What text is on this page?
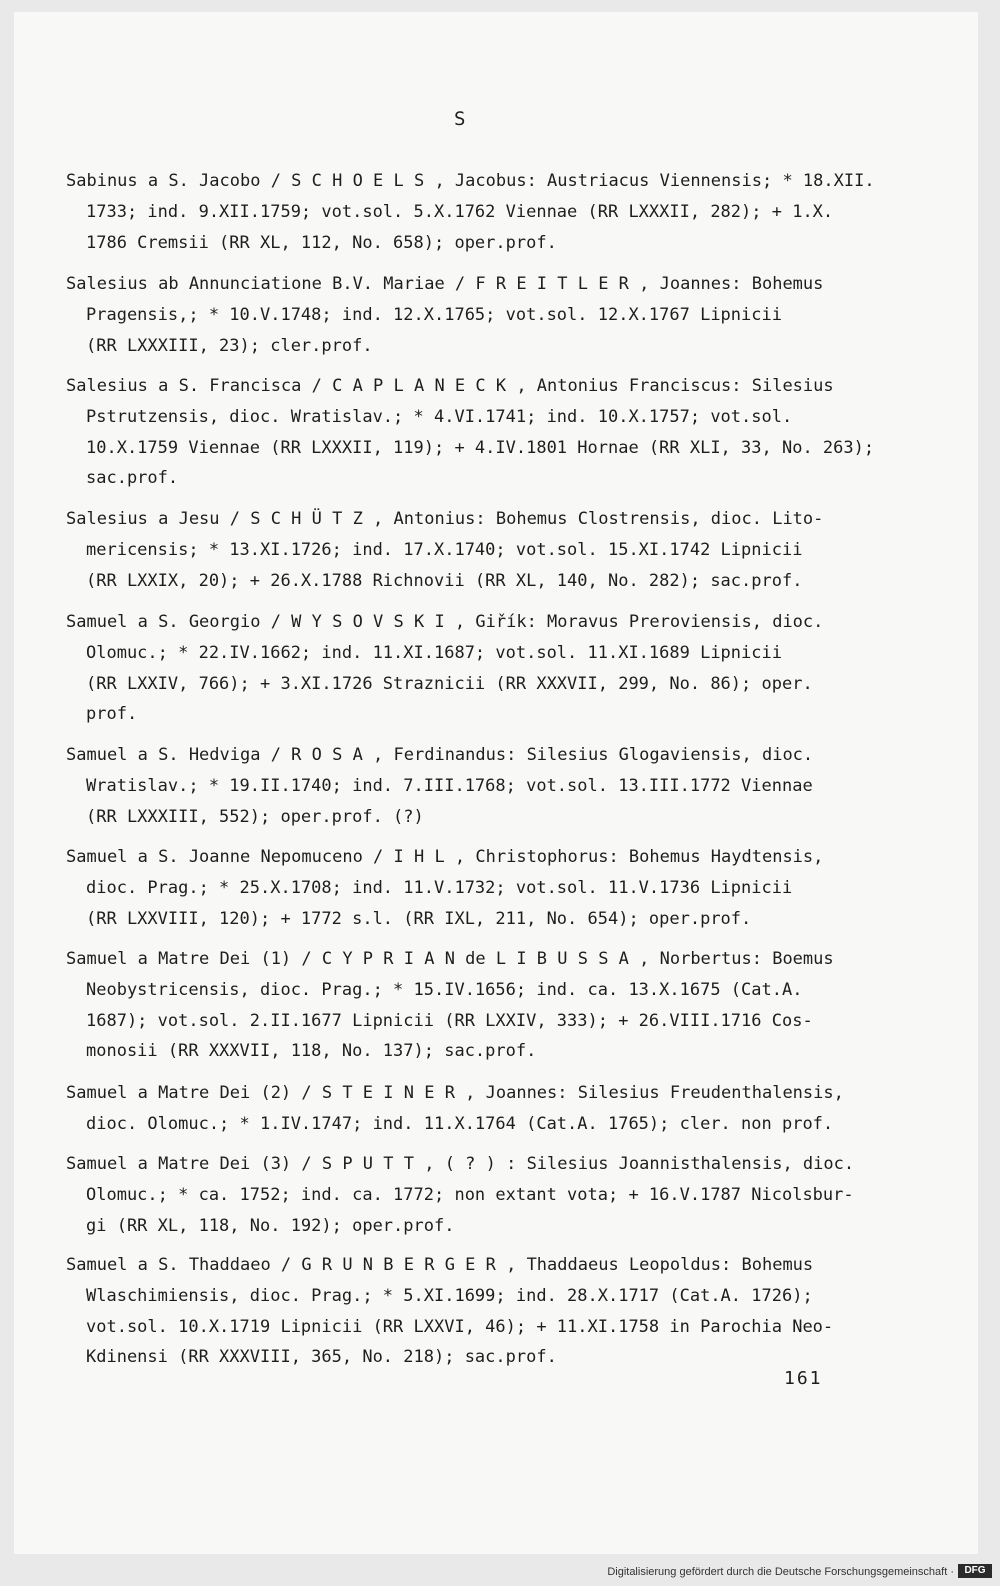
S
Sabinus a S. Jacobo / S C H O E L S , Jacobus: Austriacus Viennensis; * 18.XII.
1733; ind. 9.XII.1759; vot.sol. 5.X.1762 Viennae (RR LXXXII, 282); + 1.X.
1786 Cremsii (RR XL, 112, No. 658); oper.prof.
Salesius ab Annunciatione B.V. Mariae / F R E I T L E R , Joannes: Bohemus
Pragensis,; * 10.V.1748; ind. 12.X.1765; vot.sol. 12.X.1767 Lipnicii
(RR LXXXIII, 23); cler.prof.
Salesius a S. Francisca / C A P L A N E C K , Antonius Franciscus: Silesius
Pstrutzensis, dioc. Wratislav.; * 4.VI.1741; ind. 10.X.1757; vot.sol.
10.X.1759 Viennae (RR LXXXII, 119); + 4.IV.1801 Hornae (RR XLI, 33, No. 263);
sac.prof.
Salesius a Jesu / S C H Ü T Z , Antonius: Bohemus Clostrensis, dioc. Lito-
mericensis; * 13.XI.1726; ind. 17.X.1740; vot.sol. 15.XI.1742 Lipnicii
(RR LXXIX, 20); + 26.X.1788 Richnovii (RR XL, 140, No. 282); sac.prof.
Samuel a S. Georgio / W Y S O V S K I , Giřík: Moravus Preroviensis, dioc.
Olomuc.; * 22.IV.1662; ind. 11.XI.1687; vot.sol. 11.XI.1689 Lipnicii
(RR LXXIV, 766); + 3.XI.1726 Straznicii (RR XXXVII, 299, No. 86); oper.
prof.
Samuel a S. Hedviga / R O S A , Ferdinandus: Silesius Glogaviensis, dioc.
Wratislav.; * 19.II.1740; ind. 7.III.1768; vot.sol. 13.III.1772 Viennae
(RR LXXXIII, 552); oper.prof. (?)
Samuel a S. Joanne Nepomuceno / I H L , Christophorus: Bohemus Haydtensis,
dioc. Prag.; * 25.X.1708; ind. 11.V.1732; vot.sol. 11.V.1736 Lipnicii
(RR LXXVIII, 120); + 1772 s.l. (RR IXL, 211, No. 654); oper.prof.
Samuel a Matre Dei (1) / C Y P R I A N de L I B U S S A , Norbertus: Boemus
Neobystricensis, dioc. Prag.; * 15.IV.1656; ind. ca. 13.X.1675 (Cat.A.
1687); vot.sol. 2.II.1677 Lipnicii (RR LXXIV, 333); + 26.VIII.1716 Cos-
monosii (RR XXXVII, 118, No. 137); sac.prof.
Samuel a Matre Dei (2) / S T E I N E R , Joannes: Silesius Freudenthalensis,
dioc. Olomuc.; * 1.IV.1747; ind. 11.X.1764 (Cat.A. 1765); cler. non prof.
Samuel a Matre Dei (3) / S P U T T , ( ? ) : Silesius Joannisthalensis, dioc.
Olomuc.; * ca. 1752; ind. ca. 1772; non extant vota; + 16.V.1787 Nicolsbur-
gi (RR XL, 118, No. 192); oper.prof.
Samuel a S. Thaddaeo / G R U N B E R G E R , Thaddaeus Leopoldus: Bohemus
Wlaschimiensis, dioc. Prag.; * 5.XI.1699; ind. 28.X.1717 (Cat.A. 1726);
vot.sol. 10.X.1719 Lipnicii (RR LXXVI, 46); + 11.XI.1758 in Parochia Neo-
Kdinensi (RR XXXVIII, 365, No. 218); sac.prof.
161
Digitalisierung gefördert durch die Deutsche Forschungsgemeinschaft ·	DFG
